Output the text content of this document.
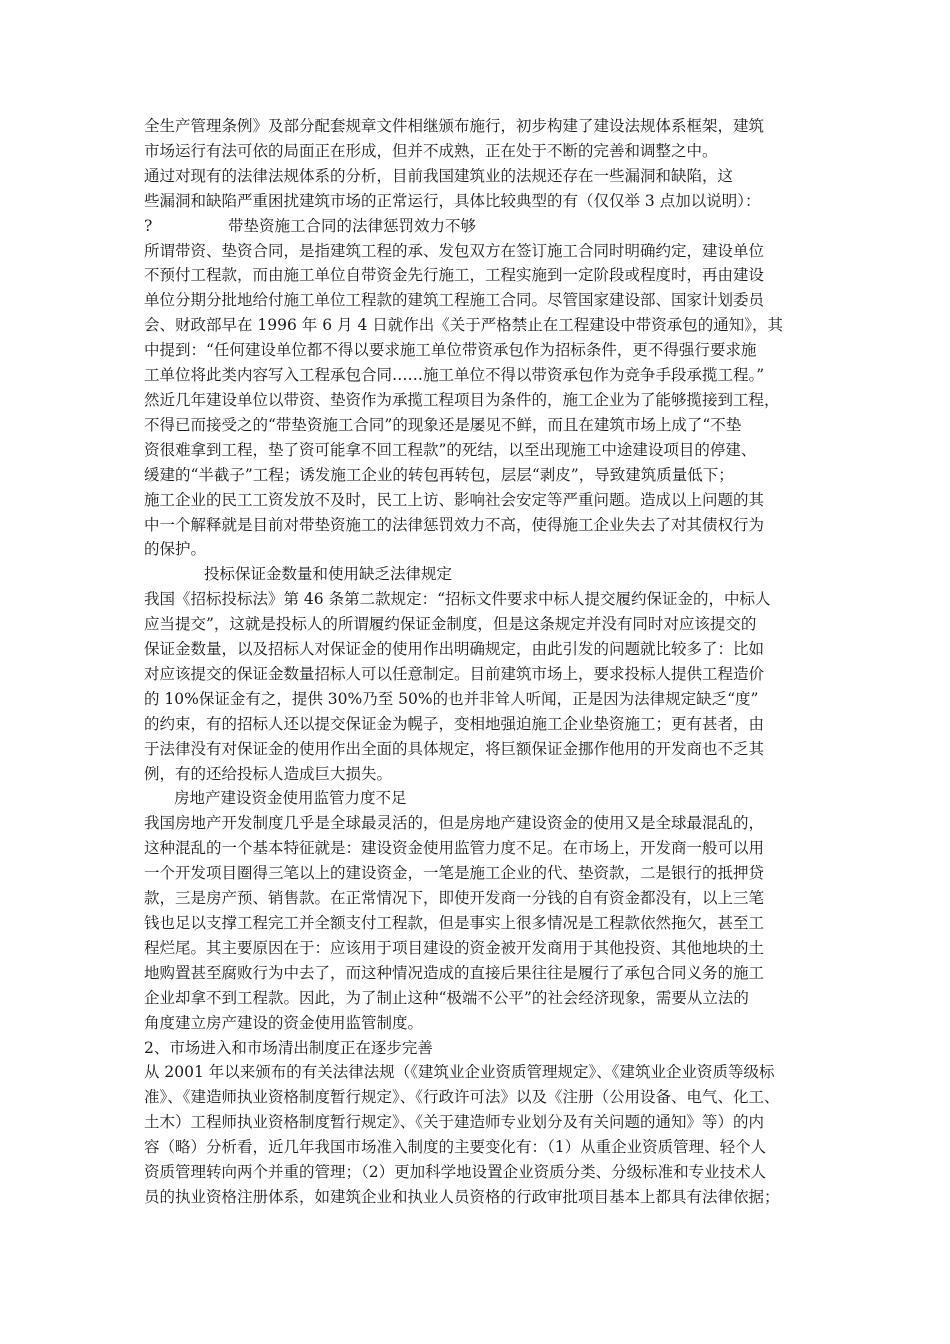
全生产管理条例》及部分配套规章文件相继颁布施行，初步构建了建设法规体系框架，建筑
市场运行有法可依的局面正在形成，但并不成熟，正在处于不断的完善和调整之中。

通过对现有的法律法规体系的分析，目前我国建筑业的法规还存在一些漏洞和缺陷，这
些漏洞和缺陷严重困扰建筑市场的正常运行，具体比较典型的有（仅仅举 3 点加以说明）：

?	带垫资施工合同的法律惩罚效力不够

所谓带资、垫资合同，是指建筑工程的承、发包双方在签订施工合同时明确约定，建设单位
不预付工程款，而由施工单位自带资金先行施工，工程实施到一定阶段或程度时，再由建设
单位分期分批地给付施工单位工程款的建筑工程施工合同。尽管国家建设部、国家计划委员
会、财政部早在 1996 年 6 月 4 日就作出《关于严格禁止在工程建设中带资承包的通知》，其
中提到：“任何建设单位都不得以要求施工单位带资承包作为招标条件，更不得强行要求施
工单位将此类内容写入工程承包合同……施工单位不得以带资承包作为竞争手段承揽工程。”
然近几年建设单位以带资、垫资作为承揽工程项目为条件的，施工企业为了能够揽接到工程，
不得已而接受之的“带垫资施工合同”的现象还是屡见不鲜，而且在建筑市场上成了“不垫
资很难拿到工程，垫了资可能拿不回工程款”的死结，以至出现施工中途建设项目的停建、
缓建的“半截子”工程；诱发施工企业的转包再转包，层层“剥皮”，导致建筑质量低下；
施工企业的民工工资发放不及时，民工上访、影响社会安定等严重问题。造成以上问题的其
中一个解释就是目前对带垫资施工的法律惩罚效力不高，使得施工企业失去了对其债权行为
的保护。

投标保证金数量和使用缺乏法律规定

我国《招标投标法》第 46 条第二款规定：“招标文件要求中标人提交履约保证金的，中标人
应当提交”，这就是投标人的所谓履约保证金制度，但是这条规定并没有同时对应该提交的
保证金数量，以及招标人对保证金的使用作出明确规定，由此引发的问题就比较多了：比如
对应该提交的保证金数量招标人可以任意制定。目前建筑市场上，要求投标人提供工程造价
的 10%保证金有之，提供 30%乃至 50%的也并非耸人听闻，正是因为法律规定缺乏“度”
的约束，有的招标人还以提交保证金为幌子，变相地强迫施工企业垫资施工；更有甚者，由
于法律没有对保证金的使用作出全面的具体规定，将巨额保证金挪作他用的开发商也不乏其
例，有的还给投标人造成巨大损失。

房地产建设资金使用监管力度不足

我国房地产开发制度几乎是全球最灵活的，但是房地产建设资金的使用又是全球最混乱的，
这种混乱的一个基本特征就是：建设资金使用监管力度不足。在市场上，开发商一般可以用
一个开发项目圈得三笔以上的建设资金，一笔是施工企业的代、垫资款，二是银行的抵押贷
款，三是房产预、销售款。在正常情况下，即使开发商一分钱的自有资金都没有，以上三笔
钱也足以支撑工程完工并全额支付工程款，但是事实上很多情况是工程款依然拖欠，甚至工
程烂尾。其主要原因在于：应该用于项目建设的资金被开发商用于其他投资、其他地块的土
地购置甚至腐败行为中去了，而这种情况造成的直接后果往往是履行了承包合同义务的施工
企业却拿不到工程款。因此，为了制止这种“极端不公平”的社会经济现象，需要从立法的
角度建立房产建设的资金使用监管制度。

2、市场进入和市场清出制度正在逐步完善

从 2001 年以来颁布的有关法律法规（《建筑业企业资质管理规定》、《建筑业企业资质等级标
准》、《建造师执业资格制度暂行规定》、《行政许可法》以及《注册（公用设备、电气、化工、
土木）工程师执业资格制度暂行规定》、《关于建造师专业划分及有关问题的通知》等）的内
容（略）分析看，近几年我国市场准入制度的主要变化有：（1）从重企业资质管理、轻个人
资质管理转向两个并重的管理；（2）更加科学地设置企业资质分类、分级标准和专业技术人
员的执业资格注册体系，如建筑企业和执业人员资格的行政审批项目基本上都具有法律依据；
